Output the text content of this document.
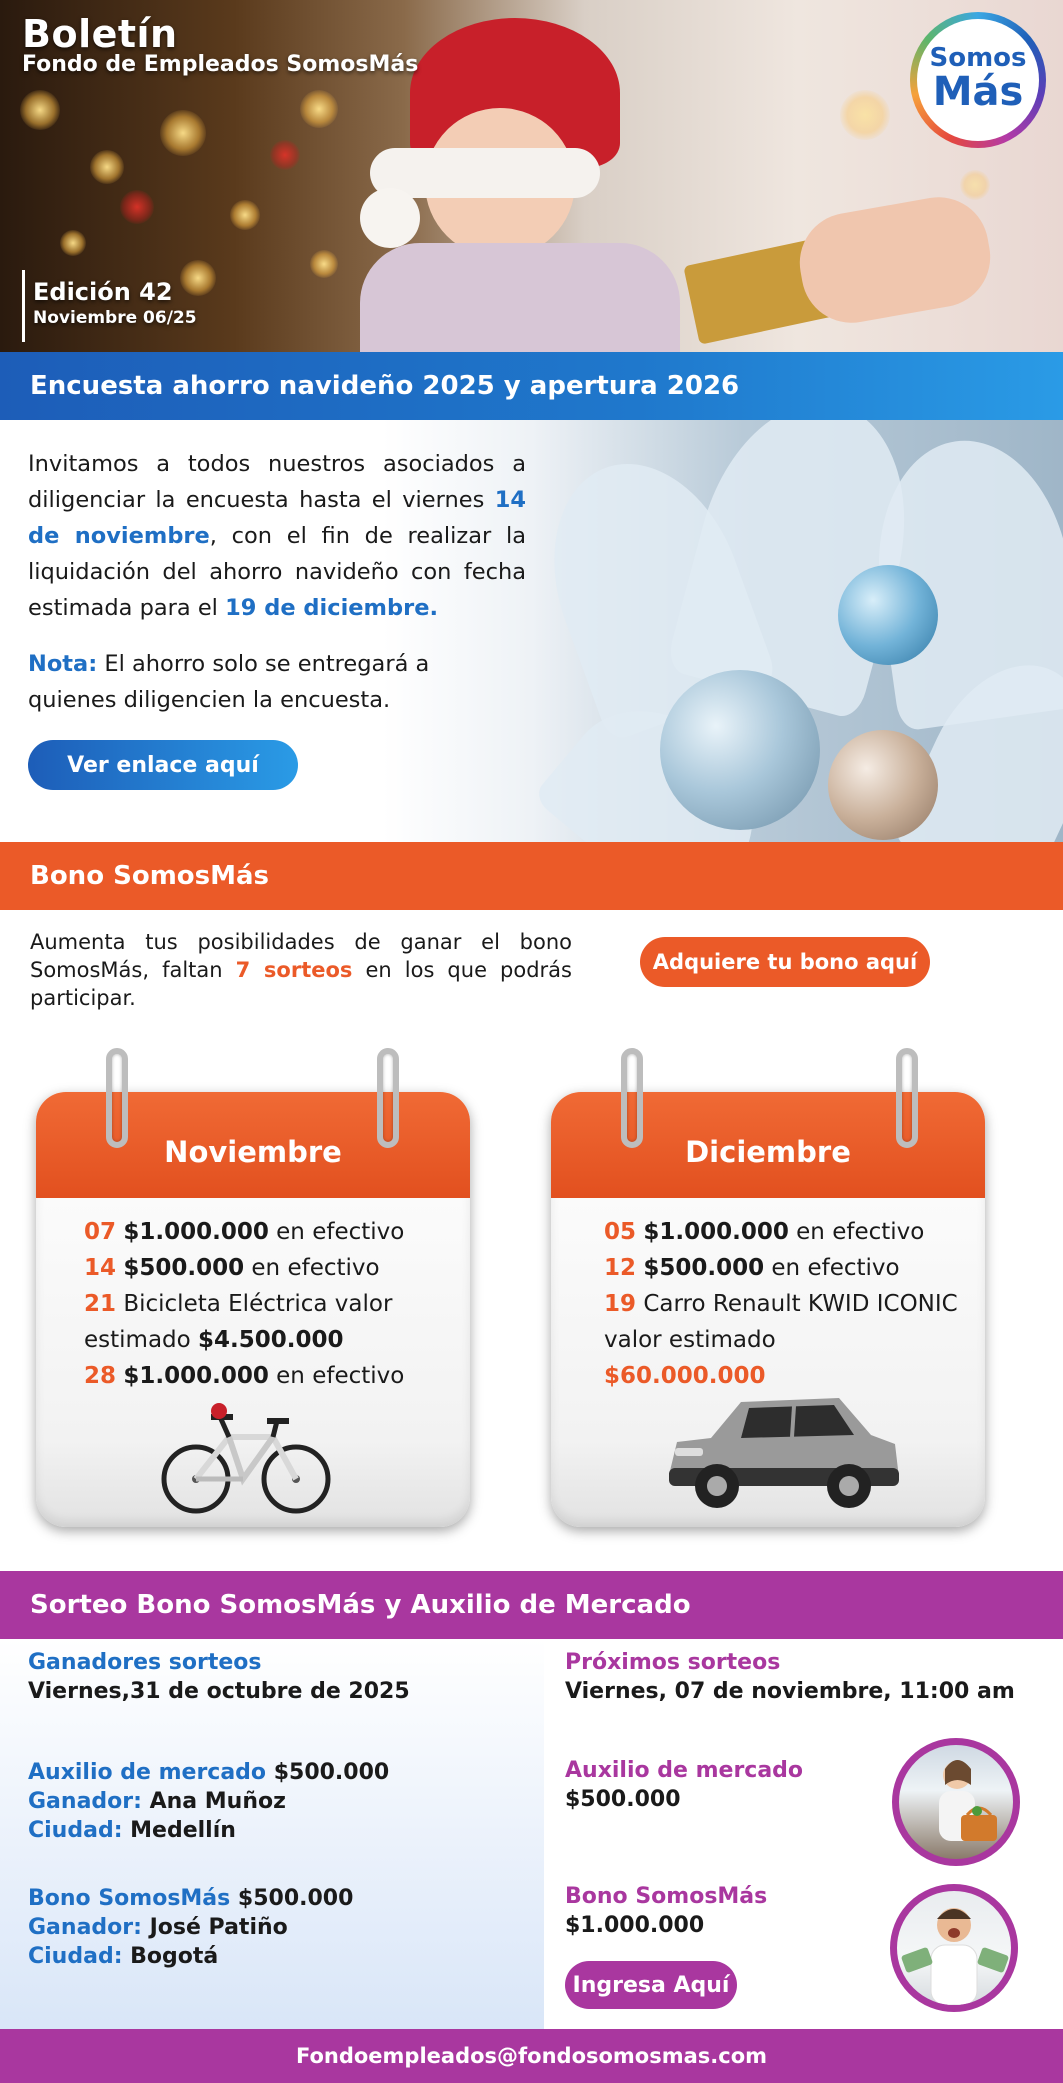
Boletín
Fondo de Empleados SomosMás
Edición 42
Noviembre 06/25
Somos
Más
Encuesta ahorro navideño 2025 y apertura 2026

Invitamos a todos nuestros asociados a diligenciar la encuesta hasta el viernes 14 de noviembre, con el fin de realizar la liquidación del ahorro navideño con fecha estimada para el 19 de diciembre.

Nota: El ahorro solo se entregará a quienes diligencien la encuesta.

Ver enlace aquí
Bono SomosMás

Aumenta tus posibilidades de ganar el bono SomosMás, faltan 7 sorteos en los que podrás participar.

Adquiere tu bono aquí
Noviembre
07 $1.000.000 en efectivo
14 $500.000 en efectivo
21 Bicicleta Eléctrica valor estimado $4.500.000
28 $1.000.000 en efectivo
Diciembre
05 $1.000.000 en efectivo
12 $500.000 en efectivo
19 Carro Renault KWID ICONIC valor estimado
$60.000.000
Sorteo Bono SomosMás y Auxilio de Mercado
Ganadores sorteos
Viernes,31 de octubre de 2025
Auxilio de mercado $500.000
Ganador: Ana Muñoz
Ciudad: Medellín
Bono SomosMás $500.000
Ganador: José Patiño
Ciudad: Bogotá
Próximos sorteos
Viernes, 07 de noviembre, 11:00 am
Auxilio de mercado
$500.000
Bono SomosMás
$1.000.000
Ingresa Aquí
Fondoempleados@fondosomosmas.com
